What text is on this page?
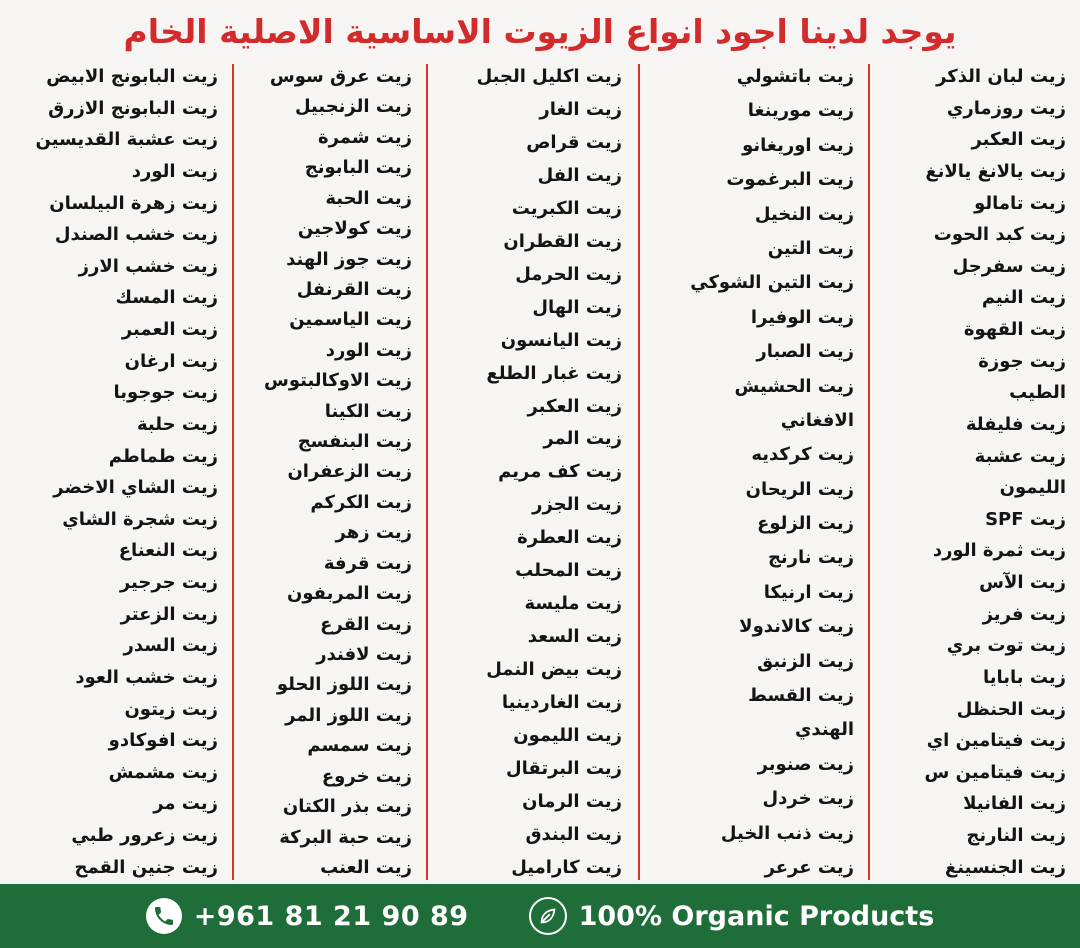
يوجد لدينا اجود انواع الزيوت الاساسية الاصلية الخام
زيت لبان الذكر
زيت روزماري
زيت العكبر
زيت يالانغ يالانغ
زيت تامالو
زيت كبد الحوت
زيت سفرجل
زيت النيم
زيت القهوة
زيت جوزة
الطيب
زيت فليفلة
زيت عشبة
الليمون
زيت SPF
زيت ثمرة الورد
زيت الآس
زيت فريز
زيت توت بري
زيت بابايا
زيت الحنظل
زيت فيتامين اي
زيت فيتامين س
زيت الفانيلا
زيت النارنج
زيت الجنسينغ
زيت باتشولي
زيت مورينغا
زيت اوريغانو
زيت البرغموت
زيت النخيل
زيت التين
زيت التين الشوكي
زيت الوفيرا
زيت الصبار
زيت الحشيش
الافغاني
زيت كركديه
زيت الريحان
زيت الزلوع
زيت نارنج
زيت ارنيكا
زيت كالاندولا
زيت الزنبق
زيت القسط
الهندي
زيت صنوبر
زيت خردل
زيت ذنب الخيل
زيت عرعر
زيت اكليل الجبل
زيت الغار
زيت قراص
زيت الفل
زيت الكبريت
زيت القطران
زيت الحرمل
زيت الهال
زيت اليانسون
زيت غبار الطلع
زيت العكبر
زيت المر
زيت كف مريم
زيت الجزر
زيت العطرة
زيت المحلب
زيت مليسة
زيت السعد
زيت بيض النمل
زيت الغاردينيا
زيت الليمون
زيت البرتقال
زيت الرمان
زيت البندق
زيت كاراميل
زيت عرق سوس
زيت الزنجبيل
زيت شمرة
زيت البابونج
زيت الحبة
زيت كولاجين
زيت جوز الهند
زيت القرنفل
زيت الياسمين
زيت الورد
زيت الاوكالبتوس
زيت الكينا
زيت البنفسج
زيت الزعفران
زيت الكركم
زيت زهر
زيت قرفة
زيت المربفون
زيت القرع
زيت لافندر
زيت اللوز الحلو
زيت اللوز المر
زيت سمسم
زيت خروع
زيت بذر الكتان
زيت حبة البركة
زيت العنب
زيت البابونج الابيض
زيت البابونج الازرق
زيت عشبة القديسين
زيت الورد
زيت زهرة البيلسان
زيت خشب الصندل
زيت خشب الارز
زيت المسك
زيت العمبر
زيت ارغان
زيت جوجوبا
زيت حلبة
زيت طماطم
زيت الشاي الاخضر
زيت شجرة الشاي
زيت النعناع
زيت جرجير
زيت الزعتر
زيت السدر
زيت خشب العود
زيت زيتون
زيت افوكادو
زيت مشمش
زيت مر
زيت زعرور طبي
زيت جنين القمح
+961 81 21 90 89	100% Organic Products
